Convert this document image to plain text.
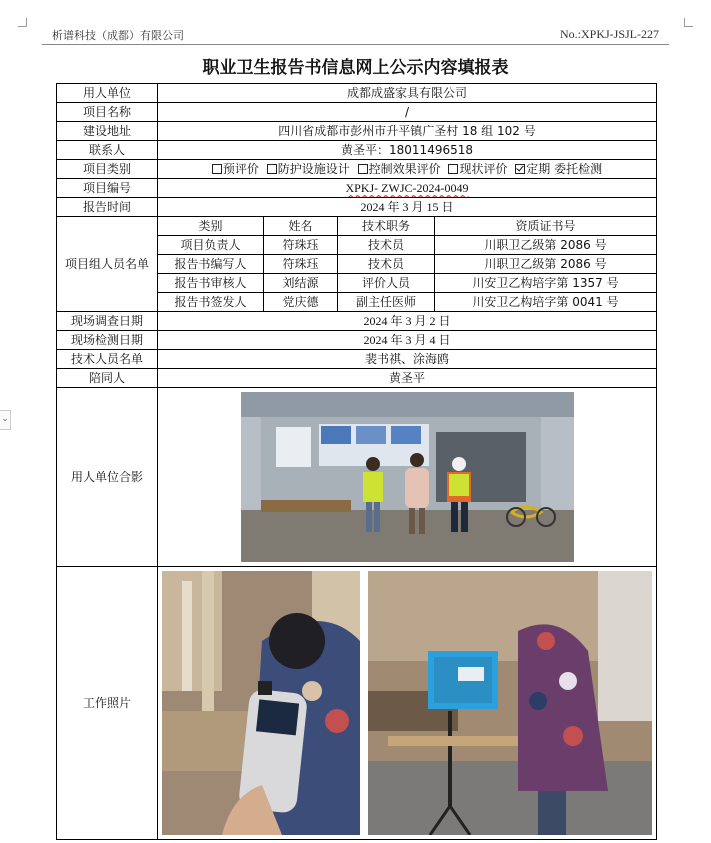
析谱科技（成都）有限公司	No.:XPKJ-JSJL-227
⌄
职业卫生报告书信息网上公示内容填报表
用人单位	成都成盛家具有限公司			
项目名称	/			
建设地址	四川省成都市彭州市升平镇广圣村 18 组 102 号			
联系人	黄圣平：18011496518			
项目类别	预评价 防护设施设计 控制效果评价 现状评价 定期 委托检测			
项目编号	XPKJ- ZWJC-2024-0049			
报告时间	2024 年 3 月 15 日			
项目组人员名单	类别	姓名	技术职务	资质证书号
	项目负责人	符珠珏	技术员	川职卫乙级第 2086 号
	报告书编写人	符珠珏	技术员	川职卫乙级第 2086 号
	报告书审核人	刘结源	评价人员	川安卫乙构培字第 1357 号
	报告书签发人	党庆德	副主任医师	川安卫乙构培字第 0041 号
现场调查日期	2024 年 3 月 2 日			
现场检测日期	2024 年 3 月 4 日			
技术人员名单	裴书祺、涂海鸥			
陪同人	黄圣平			
用人单位合影	

工作照片	
